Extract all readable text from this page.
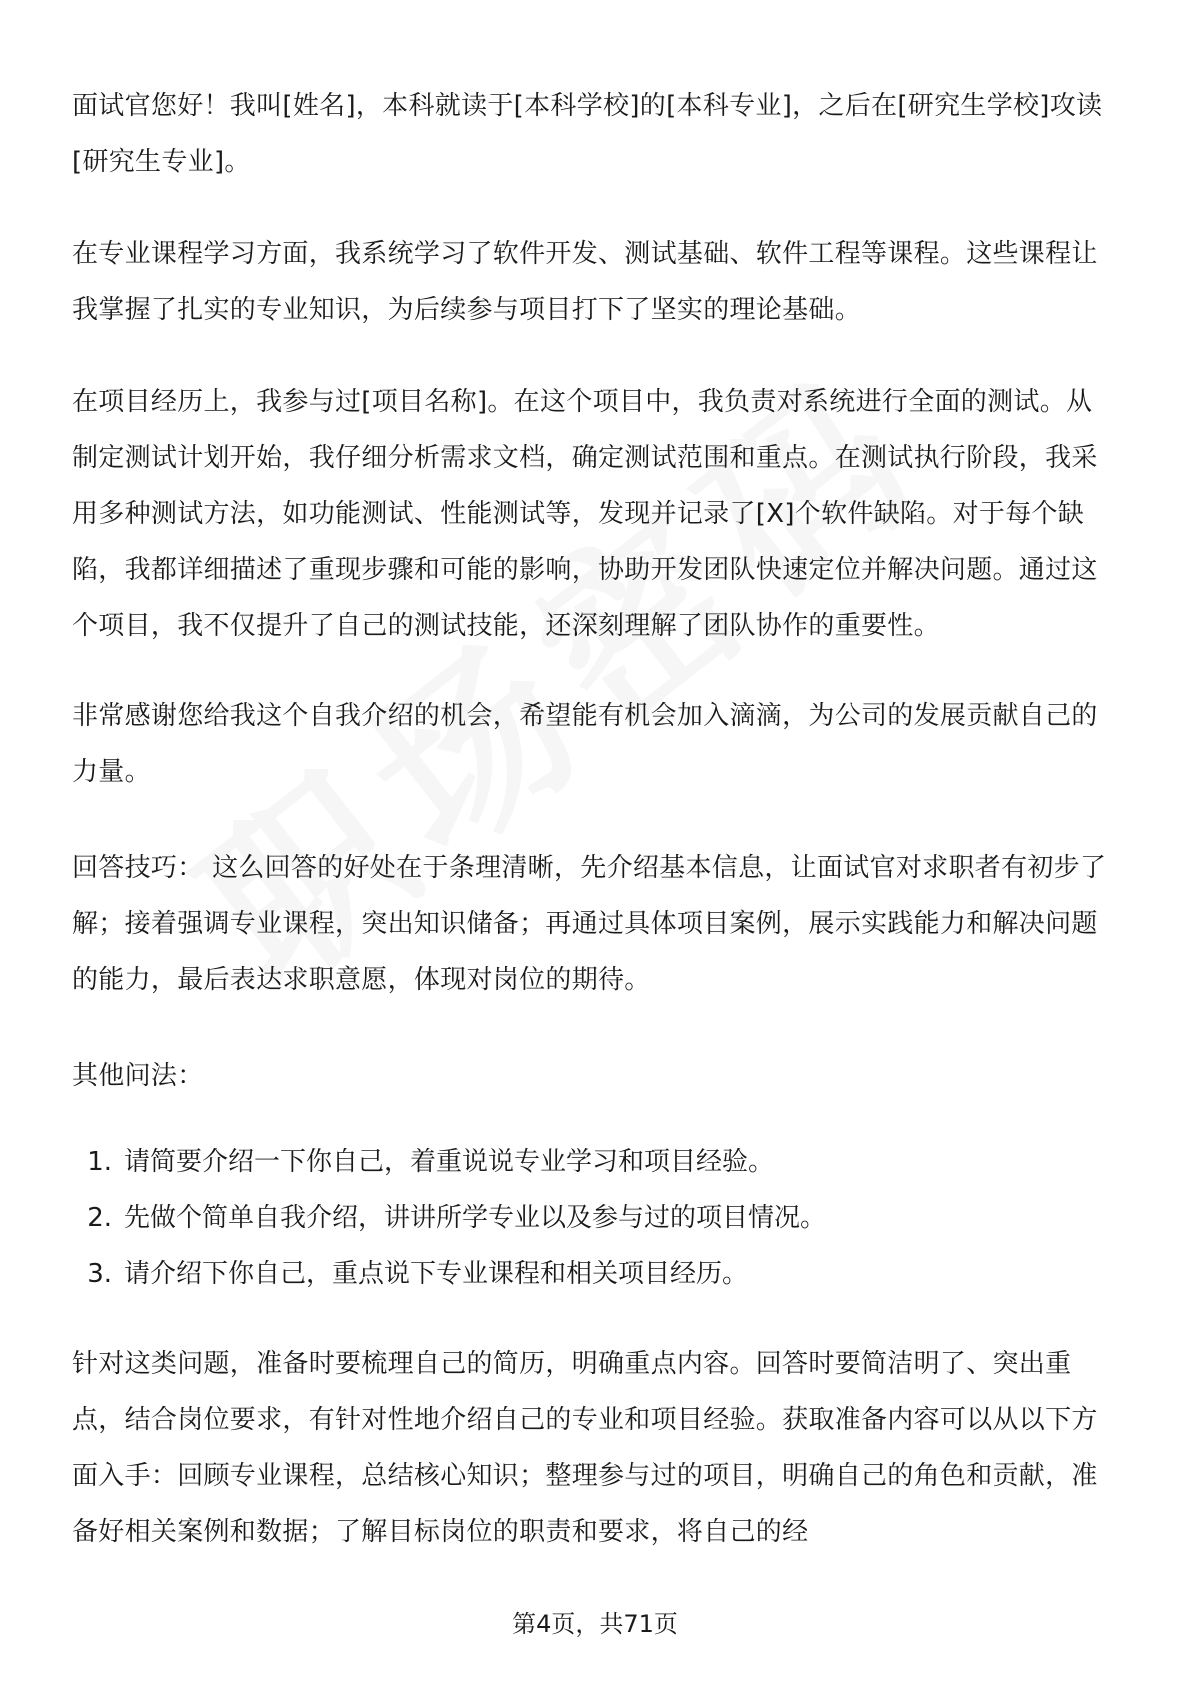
面试官您好！我叫[姓名]，本科就读于[本科学校]的[本科专业]，之后在[研究生学校]攻读[研究生专业]。

在专业课程学习方面，我系统学习了软件开发、测试基础、软件工程等课程。这些课程让我掌握了扎实的专业知识，为后续参与项目打下了坚实的理论基础。

在项目经历上，我参与过[项目名称]。在这个项目中，我负责对系统进行全面的测试。从制定测试计划开始，我仔细分析需求文档，确定测试范围和重点。在测试执行阶段，我采用多种测试方法，如功能测试、性能测试等，发现并记录了[X]个软件缺陷。对于每个缺陷，我都详细描述了重现步骤和可能的影响，协助开发团队快速定位并解决问题。通过这个项目，我不仅提升了自己的测试技能，还深刻理解了团队协作的重要性。

非常感谢您给我这个自我介绍的机会，希望能有机会加入滴滴，为公司的发展贡献自己的力量。

回答技巧： 这么回答的好处在于条理清晰，先介绍基本信息，让面试官对求职者有初步了解；接着强调专业课程，突出知识储备；再通过具体项目案例，展示实践能力和解决问题的能力，最后表达求职意愿，体现对岗位的期待。

其他问法：

1. 请简要介绍一下你自己，着重说说专业学习和项目经验。
2. 先做个简单自我介绍，讲讲所学专业以及参与过的项目情况。
3. 请介绍下你自己，重点说下专业课程和相关项目经历。

针对这类问题，准备时要梳理自己的简历，明确重点内容。回答时要简洁明了、突出重点，结合岗位要求，有针对性地介绍自己的专业和项目经验。获取准备内容可以从以下方面入手：回顾专业课程，总结核心知识；整理参与过的项目，明确自己的角色和贡献，准备好相关案例和数据；了解目标岗位的职责和要求，将自己的经

第4页，共71页
